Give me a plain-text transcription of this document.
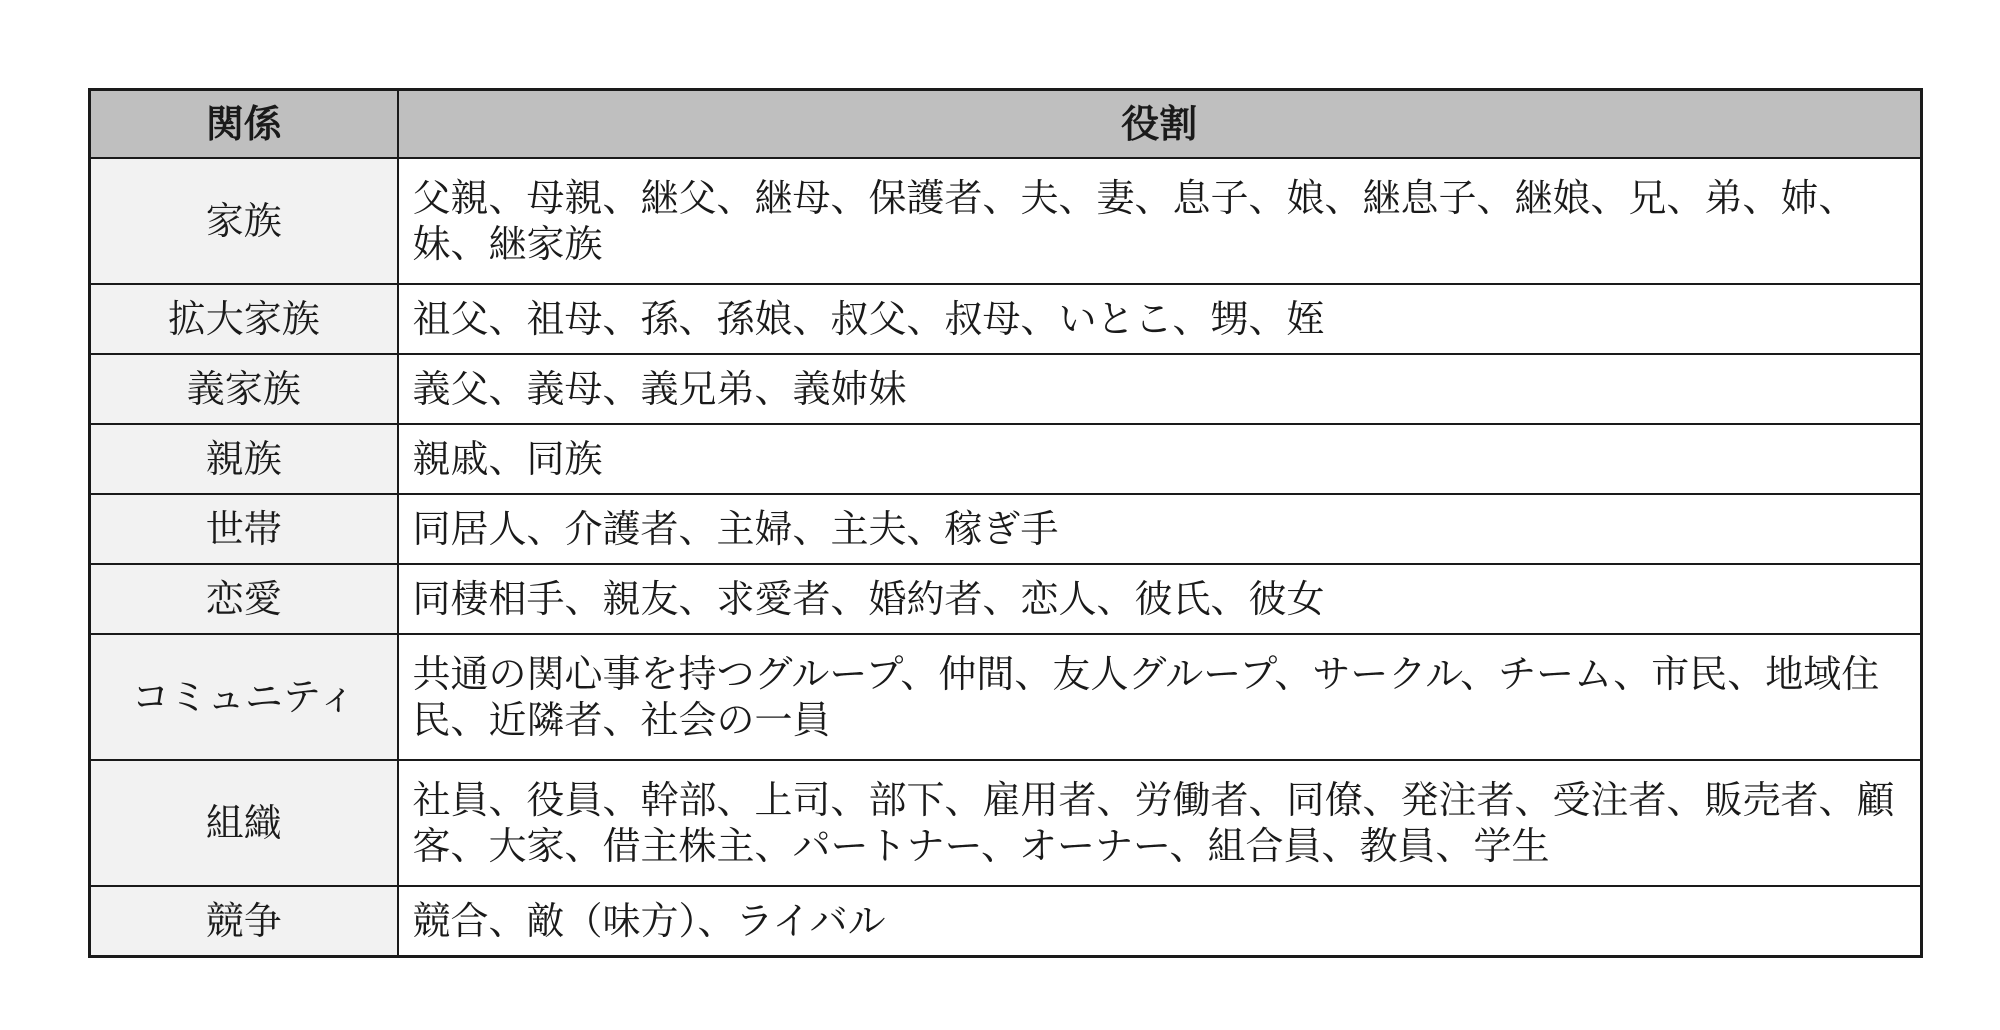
関係	役割
家族	父親、母親、継父、継母、保護者、夫、妻、息子、娘、継息子、継娘、兄、弟、姉、妹、継家族
拡大家族	祖父、祖母、孫、孫娘、叔父、叔母、いとこ、甥、姪
義家族	義父、義母、義兄弟、義姉妹
親族	親戚、同族
世帯	同居人、介護者、主婦、主夫、稼ぎ手
恋愛	同棲相手、親友、求愛者、婚約者、恋人、彼氏、彼女
コミュニティ	共通の関心事を持つグループ、仲間、友人グループ、サークル、チーム、市民、地域住民、近隣者、社会の一員
組織	社員、役員、幹部、上司、部下、雇用者、労働者、同僚、発注者、受注者、販売者、顧客、大家、借主株主、パートナー、オーナー、組合員、教員、学生
競争	競合、敵（味方）、ライバル
